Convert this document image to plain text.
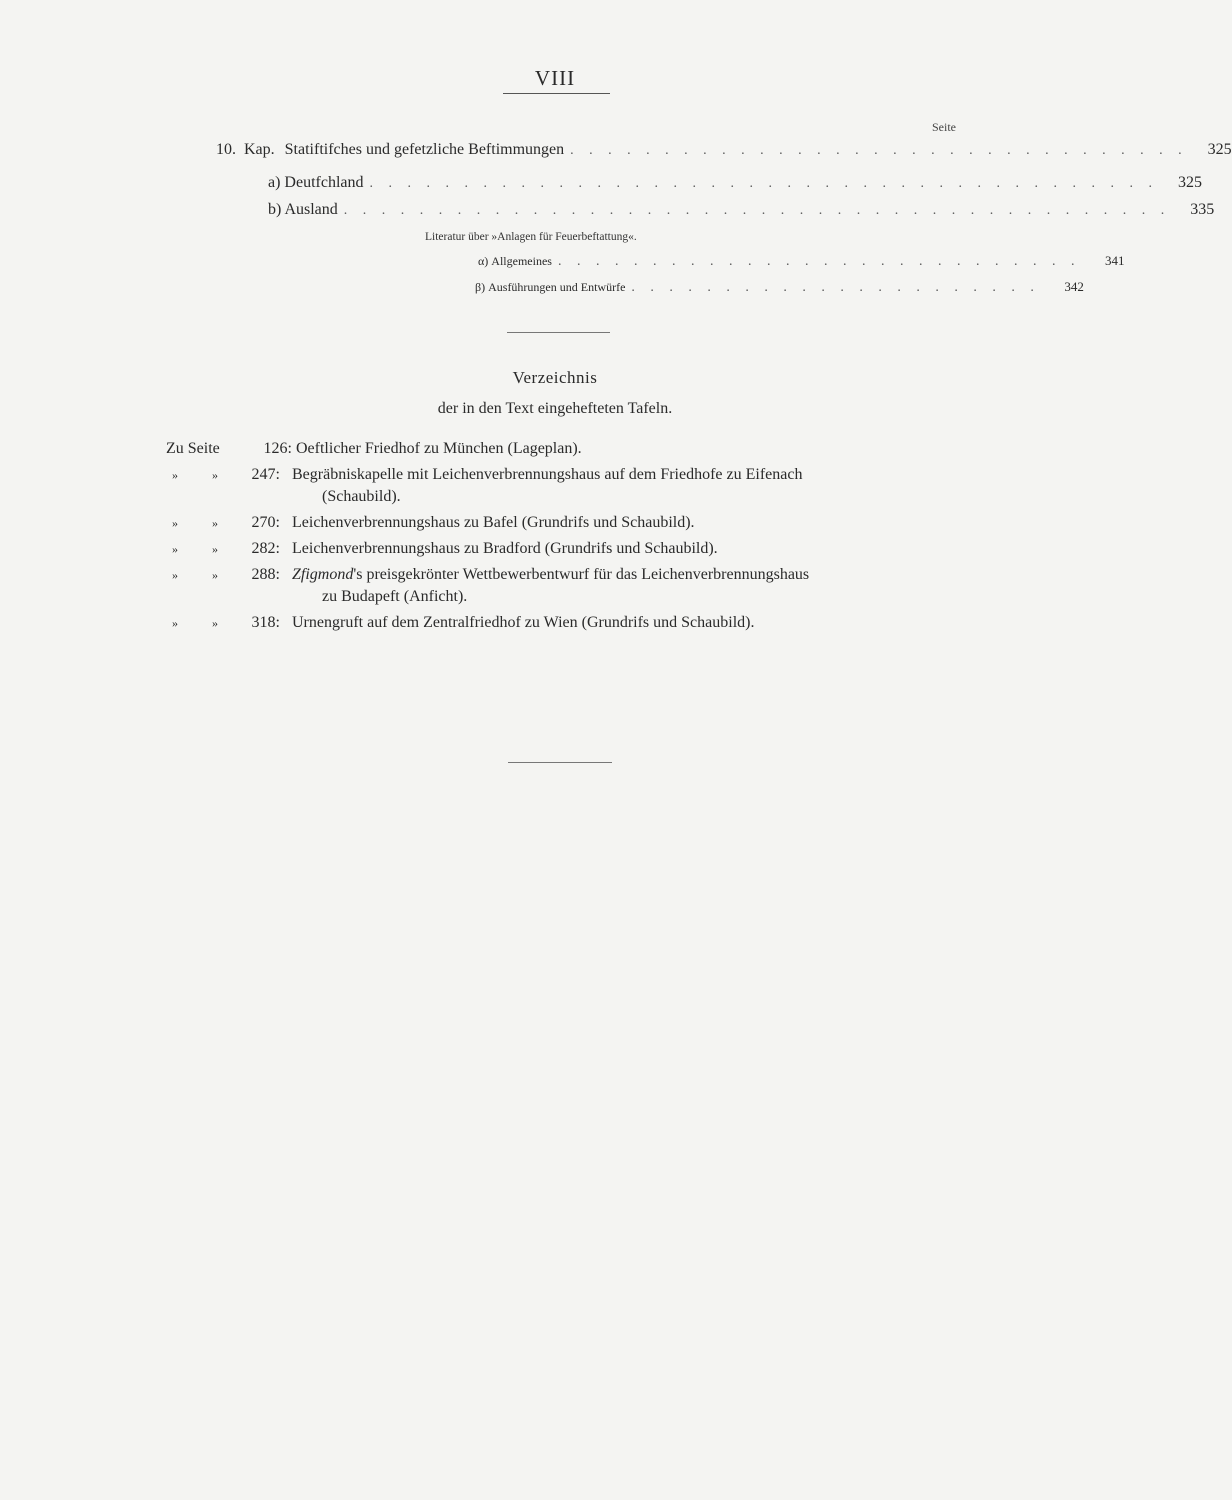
VIII
Seite
10. Kap. Statiftifches und gefetzliche Beftimmungen . . . . . . . . . . . . . . . . . . . . . . . . . . . . . . . . .	325
a) Deutfchland . . . . . . . . . . . . . . . . . . . . . . . . . . . . . . . . . . . . . . . . . .	325
b) Ausland . . . . . . . . . . . . . . . . . . . . . . . . . . . . . . . . . . . . . . . . . . . .	335
Literatur über »Anlagen für Feuerbeftattung«.
α) Allgemeines . . . . . . . . . . . . . . . . . . . . . . . . . . . .	341
β) Ausführungen und Entwürfe . . . . . . . . . . . . . . . . . . . . . .	342
Verzeichnis
der in den Text eingehefteten Tafeln.
Zu Seite	126: Oeftlicher Friedhof zu München (Lageplan).
»	»	247: Begräbniskapelle mit Leichenverbrennungshaus auf dem Friedhofe zu Eifenach
(Schaubild).
»	»	270: Leichenverbrennungshaus zu Bafel (Grundrifs und Schaubild).
»	»	282: Leichenverbrennungshaus zu Bradford (Grundrifs und Schaubild).
»	»	288: Zfigmond's preisgekrönter Wettbewerbentwurf für das Leichenverbrennungshaus
zu Budapeft (Anficht).
»	»	318: Urnengruft auf dem Zentralfriedhof zu Wien (Grundrifs und Schaubild).
